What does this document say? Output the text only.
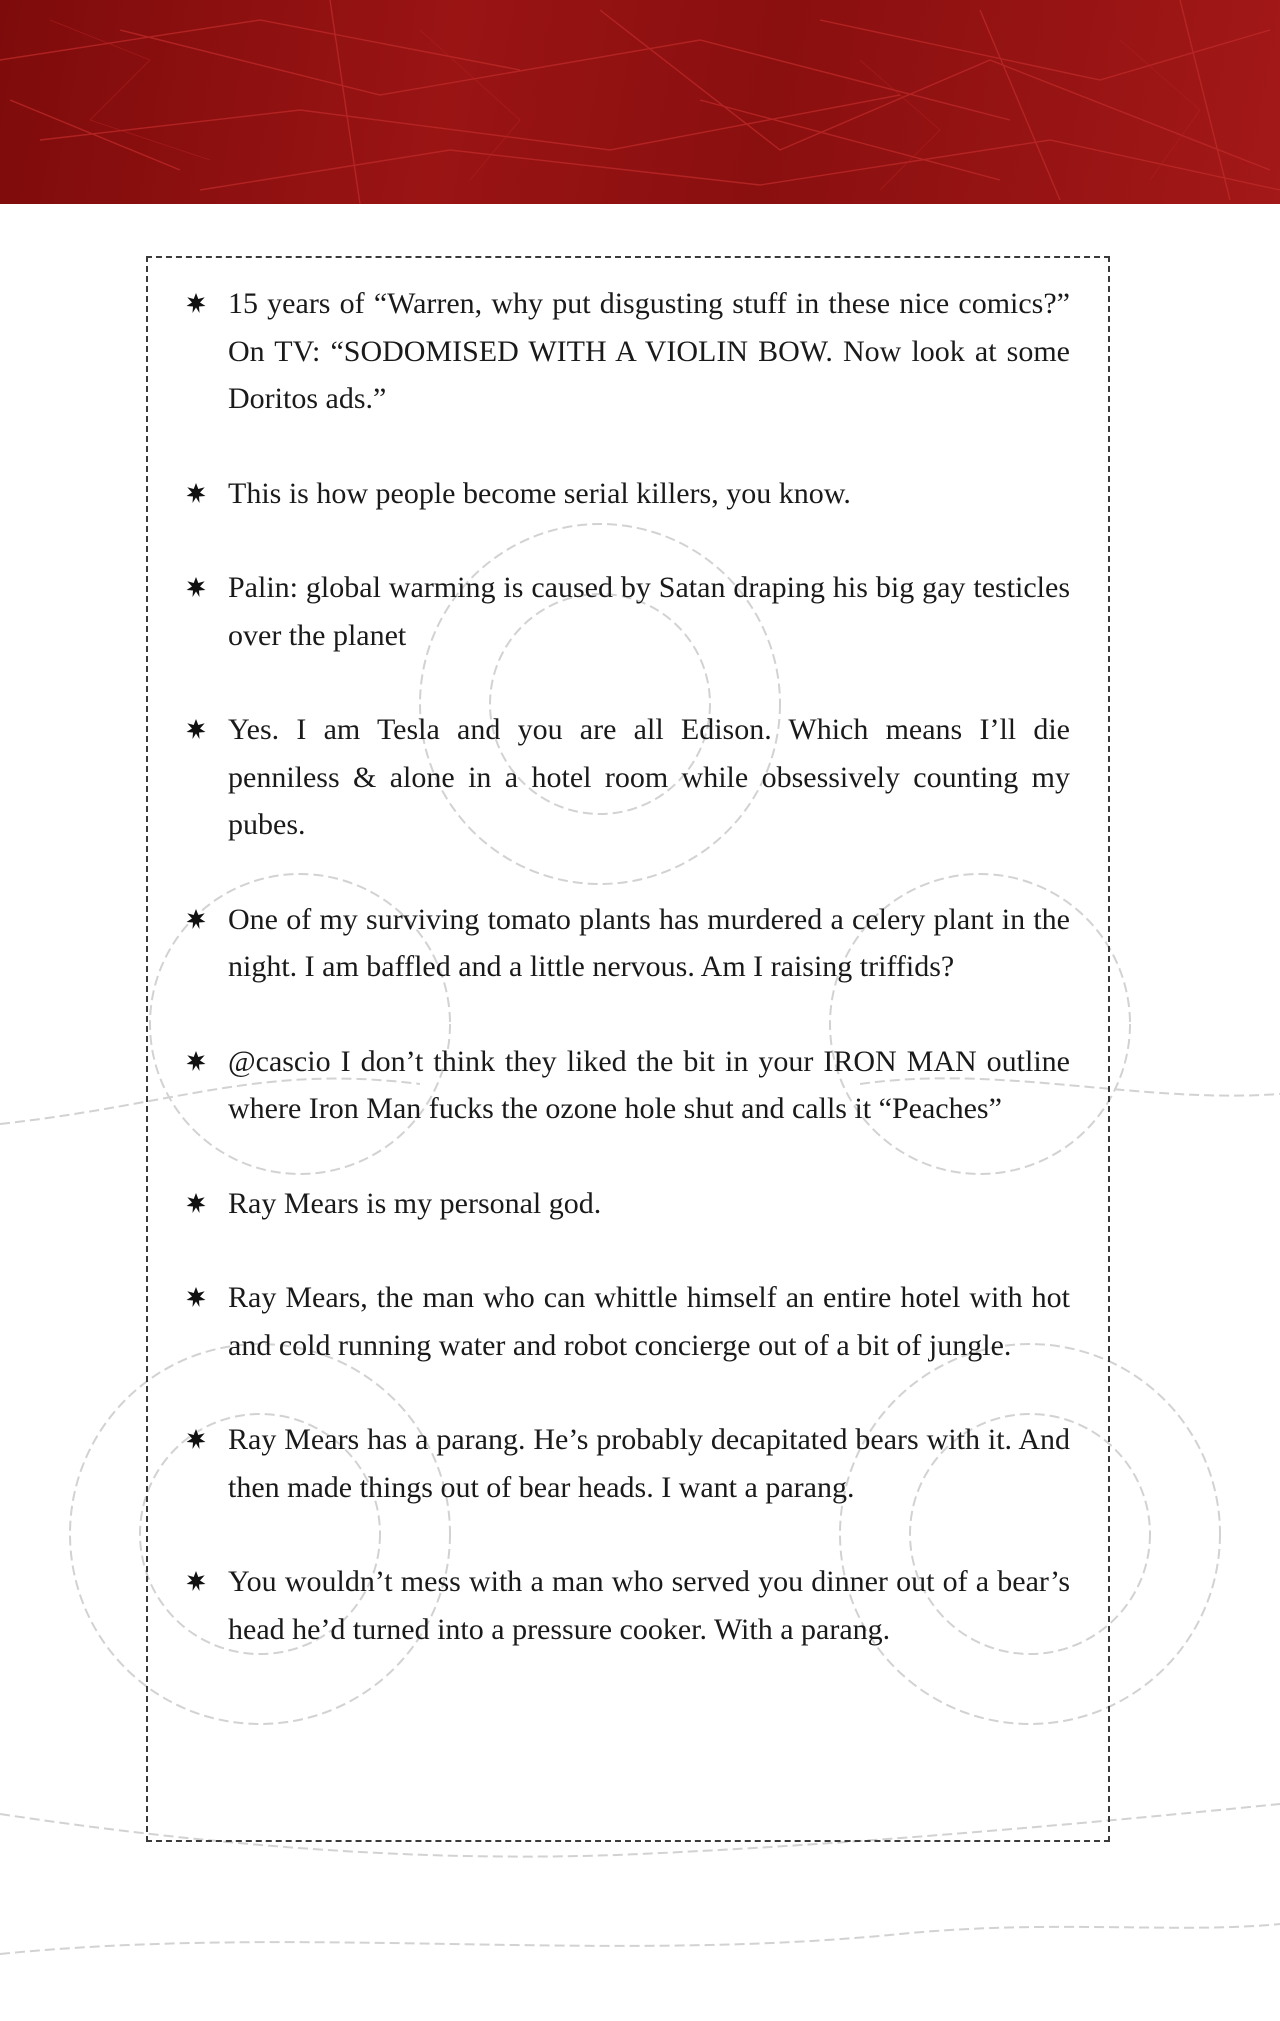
15 years of “Warren, why put disgusting stuff in these nice comics?” On TV: “SODOMISED WITH A VIOLIN BOW. Now look at some Doritos ads.”
This is how people become serial killers, you know.
Palin: global warming is caused by Satan draping his big gay testicles over the planet
Yes. I am Tesla and you are all Edison. Which means I’ll die penniless & alone in a hotel room while obsessively counting my pubes.
One of my surviving tomato plants has murdered a celery plant in the night. I am baffled and a little nervous. Am I raising triffids?
@cascio I don’t think they liked the bit in your IRON MAN outline where Iron Man fucks the ozone hole shut and calls it “Peaches”
Ray Mears is my personal god.
Ray Mears, the man who can whittle himself an entire hotel with hot and cold running water and robot concierge out of a bit of jungle.
Ray Mears has a parang. He’s probably decapitated bears with it. And then made things out of bear heads. I want a parang.
You wouldn’t mess with a man who served you dinner out of a bear’s head he’d turned into a pressure cooker. With a parang.
